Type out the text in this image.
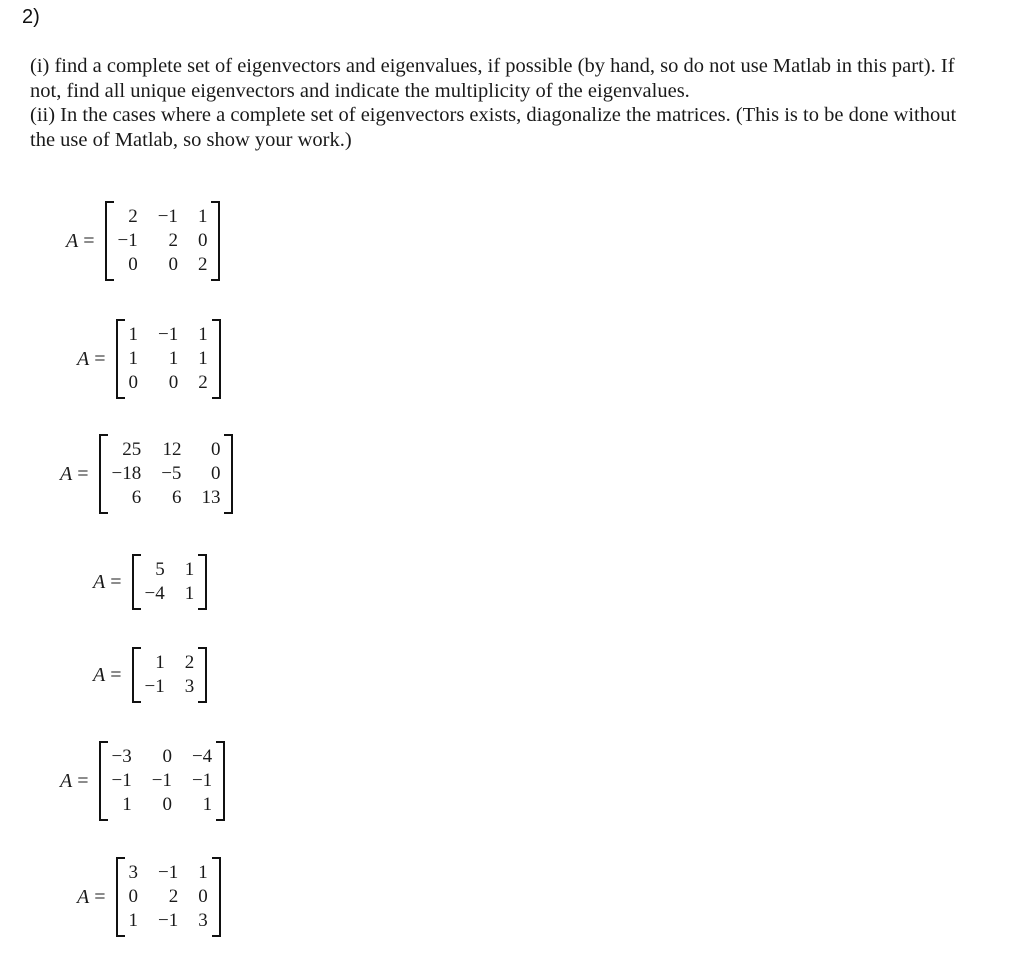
2)

(i) find a complete set of eigenvectors and eigenvalues, if possible (by hand, so do not use Matlab in this part). If not, find all unique eigenvectors and indicate the multiplicity of the eigenvalues.

(ii) In the cases where a complete set of eigenvectors exists, diagonalize the matrices. (This is to be done without the use of Matlab, so show your work.)

A =
2 −1 1
−1	2 0
0	0 2
A =
1 −1 1
1	1 1
0	0 2
A =
25 12	0
−18 −5	0
6	6 13
A =
5 1
−4 1
A =
1 2
−1 3
A =
−3	0 −4
−1 −1 −1
1	0	1
A =
3 −1 1
0	2 0
1 −1 3
